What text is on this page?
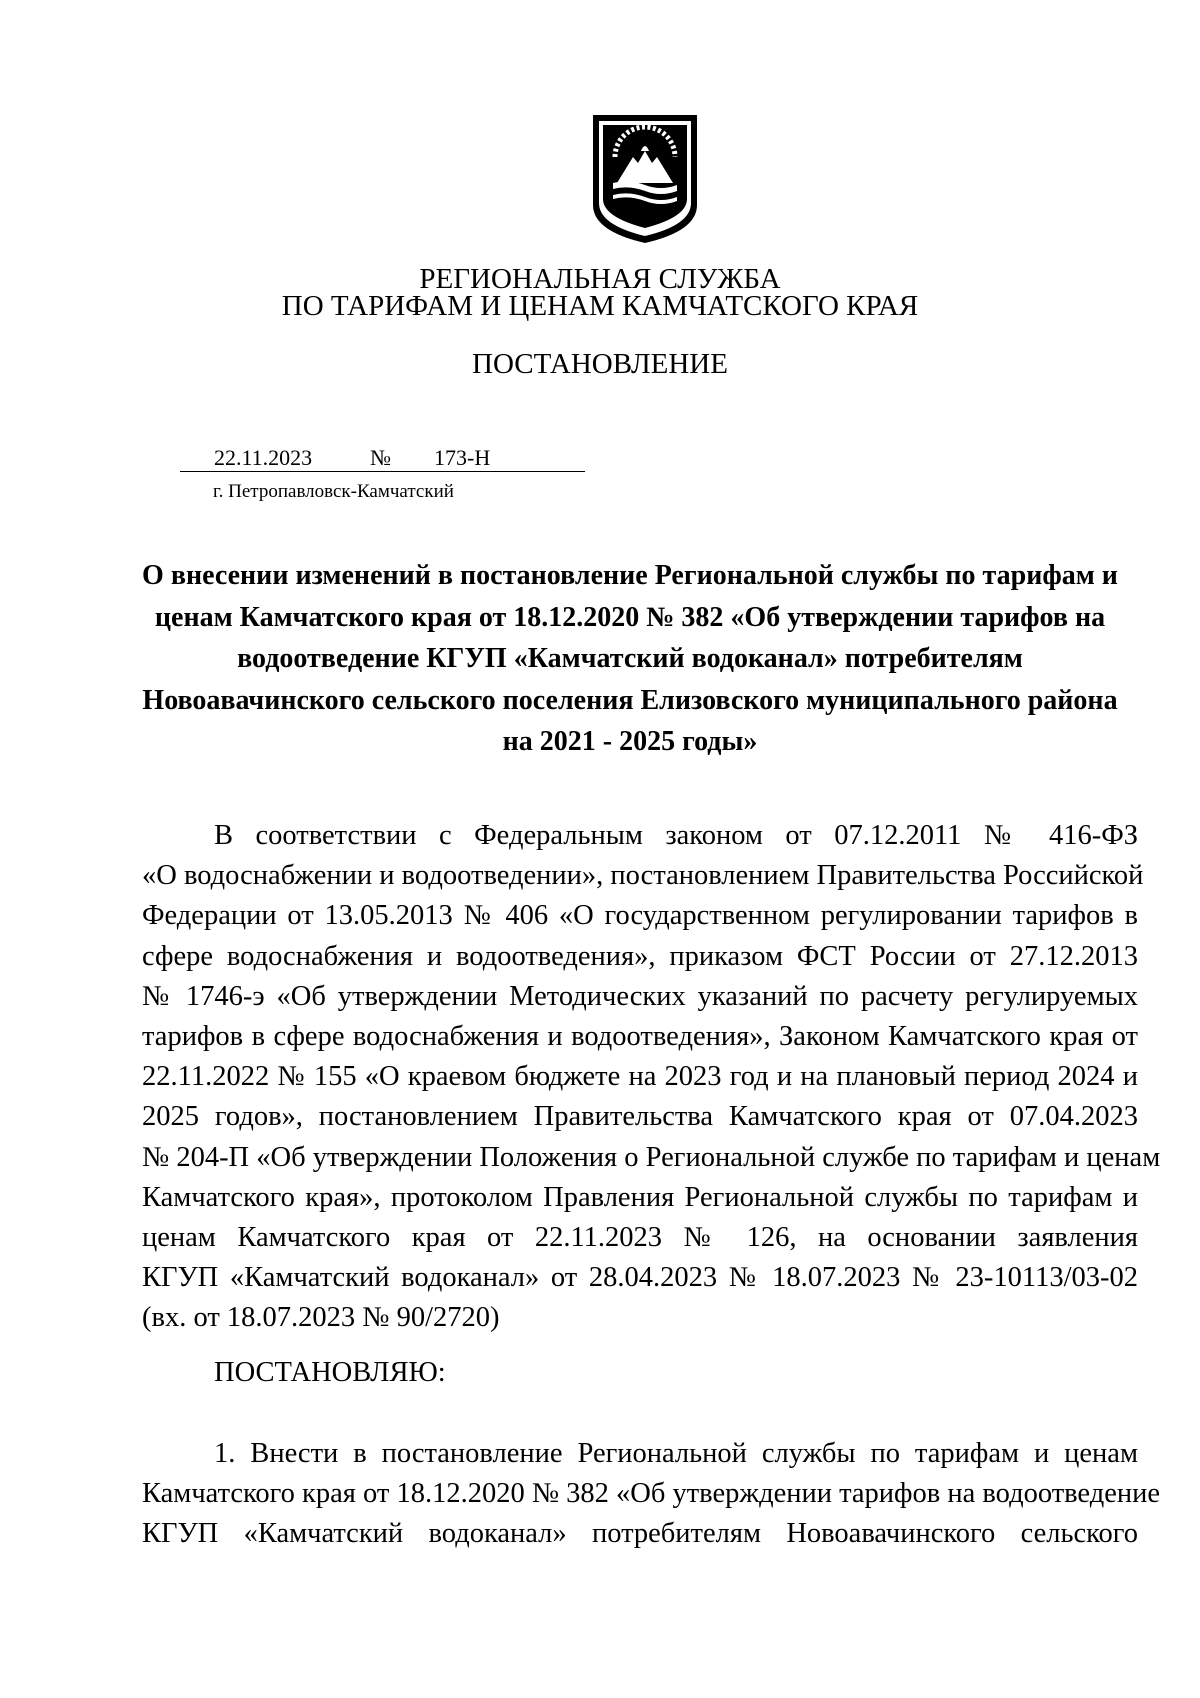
РЕГИОНАЛЬНАЯ СЛУЖБА
ПО ТАРИФАМ И ЦЕНАМ КАМЧАТСКОГО КРАЯ
ПОСТАНОВЛЕНИЕ
22.11.2023	№ 173-Н
г. Петропавловск-Камчатский
О внесении изменений в постановление Региональной службы по тарифам и
ценам Камчатского края от 18.12.2020 № 382 «Об утверждении тарифов на
водоотведение КГУП «Камчатский водоканал» потребителям
Новоавачинского сельского поселения Елизовского муниципального района
на 2021 - 2025 годы»
В соответствии с Федеральным законом от 07.12.2011 № 416-ФЗ
«О водоснабжении и водоотведении», постановлением Правительства Российской
Федерации от 13.05.2013 № 406 «О государственном регулировании тарифов в
сфере водоснабжения и водоотведения», приказом ФСТ России от 27.12.2013
№ 1746-э «Об утверждении Методических указаний по расчету регулируемых
тарифов в сфере водоснабжения и водоотведения», Законом Камчатского края от
22.11.2022 № 155 «О краевом бюджете на 2023 год и на плановый период 2024 и
2025 годов», постановлением Правительства Камчатского края от 07.04.2023
№ 204-П «Об утверждении Положения о Региональной службе по тарифам и ценам
Камчатского края», протоколом Правления Региональной службы по тарифам и
ценам Камчатского края от 22.11.2023 № 126, на основании заявления
КГУП «Камчатский водоканал» от 28.04.2023 № 18.07.2023 № 23-10113/03-02
(вх. от 18.07.2023 № 90/2720)
ПОСТАНОВЛЯЮ:
1. Внести в постановление Региональной службы по тарифам и ценам
Камчатского края от 18.12.2020 № 382 «Об утверждении тарифов на водоотведение
КГУП «Камчатский водоканал» потребителям Новоавачинского сельского
